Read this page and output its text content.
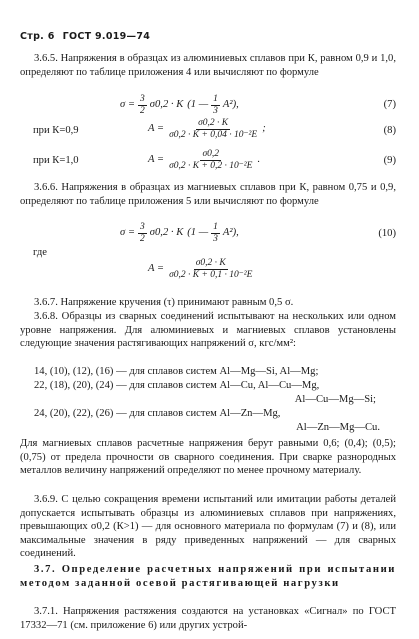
Стр. 6 ГОСТ 9.019—74
3.6.5. Напряжения в образцах из алюминиевых сплавов при К, равном 0,9 и 1,0, определяют по таблице приложения 4 или вычисляют по формуле
$\sigma = \frac{3}{2} \sigma 0,2 \cdot K$ (1 — $\frac{1}{3} A^2$),	(7)
при К=0,9	$A = \frac{\sigma 0,2 \cdot K}{\text{σ0,2 · K + 0,04 · 10⁻²E}}$ ;	(8)
при К=1,0	$A = \frac{\sigma 0,2}{\text{σ0,2 · K + 0,2 · 10⁻²E}}$ .	(9)
3.6.6. Напряжения в образцах из магниевых сплавов при К, равном 0,75 и 0,9, определяют по таблице приложения 5 или вычисляют по формуле
$\sigma = \frac{3}{2} \sigma 0,2 \cdot K$ (1 — $\frac{1}{3} A^2$),	(10)
где
$A = \frac{\sigma 0,2 \cdot K}{\text{σ0,2 · K + 0,1 · 10⁻²E}}$
3.6.7. Напряжение кручения (τ) принимают равным 0,5 σ.
3.6.8. Образцы из сварных соединений испытывают на нескольких или одном уровне напряжения. Для алюминиевых и магниевых сплавов установлены следующие значения растягивающих напряжений σ, кгс/мм²:
14, (10), (12), (16) — для сплавов систем Al—Mg—Si, Al—Mg;
22, (18), (20), (24) — для сплавов систем Al—Cu, Al—Cu—Mg,
Al—Cu—Mg—Si;
24, (20), (22), (26) — для сплавов систем Al—Zn—Mg,
Al—Zn—Mg—Cu.
Для магниевых сплавов расчетные напряжения берут равными 0,6; (0,4); (0,5); (0,75) от предела прочности σв сварного соединения. При сварке разнородных металлов величину напряжений определяют по менее прочному материалу.
3.6.9. С целью сокращения времени испытаний или имитации работы деталей допускается испытывать образцы из алюминиевых сплавов при напряжениях, превышающих σ0,2 (К>1) — для основного материала по формулам (7) и (8), или максимальные значения в ряду приведенных напряжений — для сварных соединений.
3.7. Определение расчетных напряжений при испытании методом заданной осевой растягивающей нагрузки
3.7.1. Напряжения растяжения создаются на установках «Сигнал» по ГОСТ 17332—71 (см. приложение 6) или других устрой-
